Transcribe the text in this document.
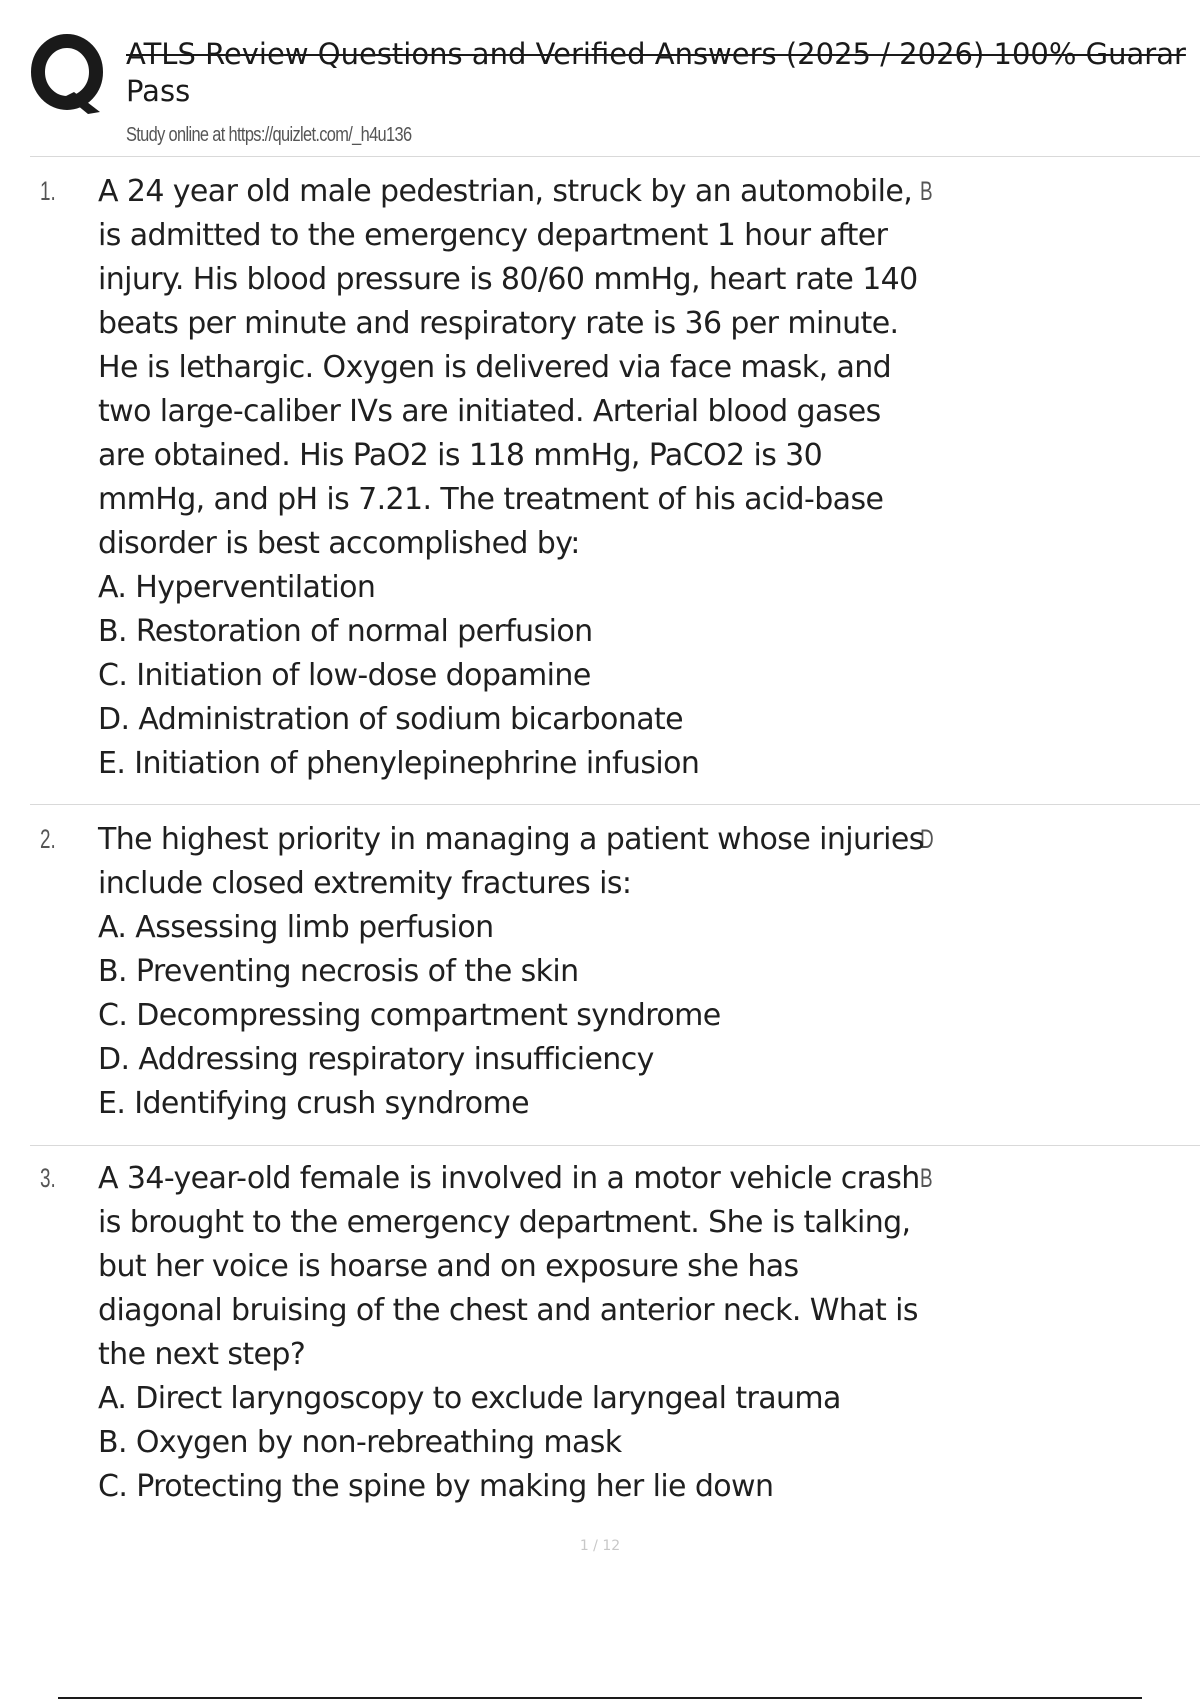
ATLS Review Questions and Verified Answers (2025 / 2026) 100% Guarar
Pass
Study online at https://quizlet.com/_h4u136
1.	B

A 24 year old male pedestrian, struck by an automobile, is admitted to the emergency department 1 hour after injury. His blood pressure is 80/60 mmHg, heart rate 140 beats per minute and respiratory rate is 36 per minute. He is lethargic. Oxygen is delivered via face mask, and two large-caliber IVs are initiated. Arterial blood gases are obtained. His PaO2 is 118 mmHg, PaCO2 is 30 mmHg, and pH is 7.21. The treatment of his acid-base disorder is best accomplished by:

A. Hyperventilation
B. Restoration of normal perfusion
C. Initiation of low-dose dopamine
D. Administration of sodium bicarbonate
E. Initiation of phenylepinephrine infusion
2.	D

The highest priority in managing a patient whose injuries include closed extremity fractures is:

A. Assessing limb perfusion
B. Preventing necrosis of the skin
C. Decompressing compartment syndrome
D. Addressing respiratory insufficiency
E. Identifying crush syndrome
3.	B

A 34-year-old female is involved in a motor vehicle crash is brought to the emergency department. She is talking, but her voice is hoarse and on exposure she has diagonal bruising of the chest and anterior neck. What is the next step?

A. Direct laryngoscopy to exclude laryngeal trauma
B. Oxygen by non-rebreathing mask
C. Protecting the spine by making her lie down
1 / 12
